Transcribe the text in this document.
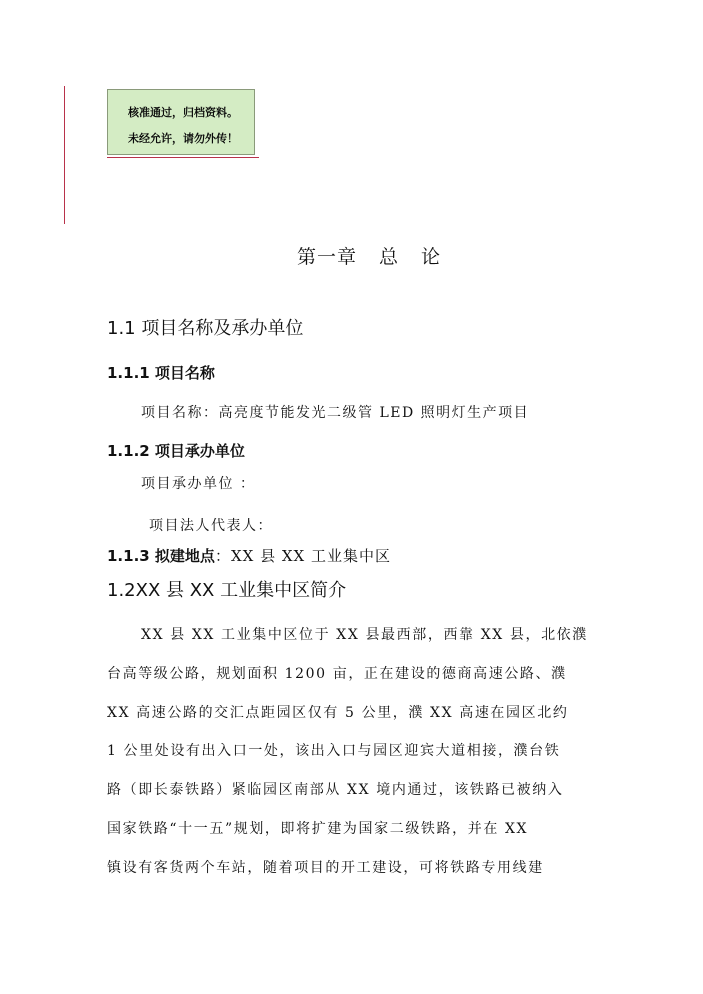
核准通过，归档资料。
未经允许，请勿外传！
第一章 总 论
1.1 项目名称及承办单位
1.1.1 项目名称
项目名称：高亮度节能发光二级管 LED 照明灯生产项目
1.1.2 项目承办单位
项目承办单位 ：
项目法人代表人：
1.1.3 拟建地点：XX 县 XX 工业集中区
1.2XX 县 XX 工业集中区简介
XX 县 XX 工业集中区位于 XX 县最西部，西靠 XX 县，北依濮
台高等级公路，规划面积 1200 亩，正在建设的德商高速公路、濮
XX 高速公路的交汇点距园区仅有 5 公里，濮 XX 高速在园区北约
1 公里处设有出入口一处，该出入口与园区迎宾大道相接，濮台铁
路（即长泰铁路）紧临园区南部从 XX 境内通过，该铁路已被纳入
国家铁路“十一五”规划，即将扩建为国家二级铁路，并在 XX
镇设有客货两个车站，随着项目的开工建设，可将铁路专用线建
